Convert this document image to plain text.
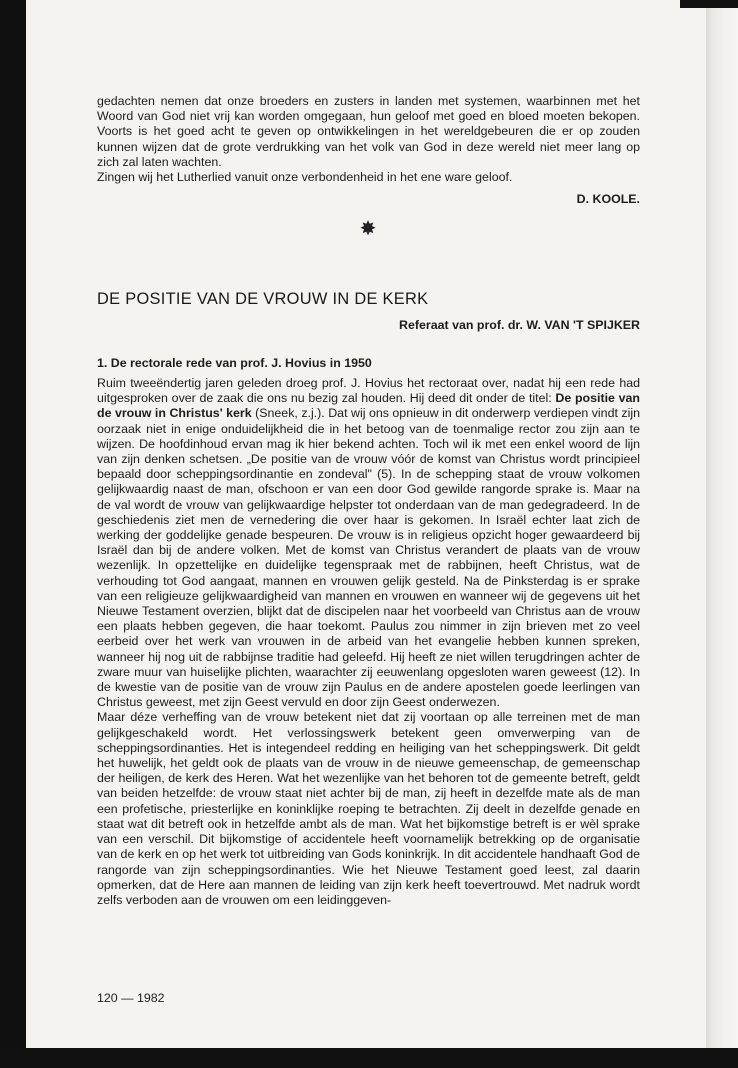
gedachten nemen dat onze broeders en zusters in landen met systemen, waarbinnen met het Woord van God niet vrij kan worden omgegaan, hun geloof met goed en bloed moeten bekopen. Voorts is het goed acht te geven op ontwikkelingen in het wereldgebeuren die er op zouden kunnen wijzen dat de grote verdrukking van het volk van God in deze wereld niet meer lang op zich zal laten wachten.

Zingen wij het Lutherlied vanuit onze verbondenheid in het ene ware geloof.

D. KOOLE.
✸
DE POSITIE VAN DE VROUW IN DE KERK
Referaat van prof. dr. W. VAN 'T SPIJKER
1. De rectorale rede van prof. J. Hovius in 1950

Ruim tweeëndertig jaren geleden droeg prof. J. Hovius het rectoraat over, nadat hij een rede had uitgesproken over de zaak die ons nu bezig zal houden. Hij deed dit onder de titel: De positie van de vrouw in Christus' kerk (Sneek, z.j.). Dat wij ons opnieuw in dit onderwerp verdiepen vindt zijn oorzaak niet in enige onduidelijkheid die in het betoog van de toenmalige rector zou zijn aan te wijzen. De hoofdinhoud ervan mag ik hier bekend achten. Toch wil ik met een enkel woord de lijn van zijn denken schetsen. „De positie van de vrouw vóór de komst van Christus wordt principieel bepaald door scheppingsordinantie en zondeval" (5). In de schepping staat de vrouw volkomen gelijkwaardig naast de man, ofschoon er van een door God gewilde rangorde sprake is. Maar na de val wordt de vrouw van gelijkwaardige helpster tot onderdaan van de man gedegradeerd. In de geschiedenis ziet men de vernedering die over haar is gekomen. In Israël echter laat zich de werking der goddelijke genade bespeuren. De vrouw is in religieus opzicht hoger gewaardeerd bij Israël dan bij de andere volken. Met de komst van Christus verandert de plaats van de vrouw wezenlijk. In opzettelijke en duidelijke tegenspraak met de rabbijnen, heeft Christus, wat de verhouding tot God aangaat, mannen en vrouwen gelijk gesteld. Na de Pinksterdag is er sprake van een religieuze gelijkwaardigheid van mannen en vrouwen en wanneer wij de gegevens uit het Nieuwe Testament overzien, blijkt dat de discipelen naar het voorbeeld van Christus aan de vrouw een plaats hebben gegeven, die haar toekomt. Paulus zou nimmer in zijn brieven met zo veel eerbeid over het werk van vrouwen in de arbeid van het evangelie hebben kunnen spreken, wanneer hij nog uit de rabbijnse traditie had geleefd. Hij heeft ze niet willen terugdringen achter de zware muur van huiselijke plichten, waarachter zij eeuwenlang opgesloten waren geweest (12). In de kwestie van de positie van de vrouw zijn Paulus en de andere apostelen goede leerlingen van Christus geweest, met zijn Geest vervuld en door zijn Geest onderwezen.

Maar déze verheffing van de vrouw betekent niet dat zij voortaan op alle terreinen met de man gelijkgeschakeld wordt. Het verlossingswerk betekent geen omverwerping van de scheppingsordinanties. Het is integendeel redding en heiliging van het scheppingswerk. Dit geldt het huwelijk, het geldt ook de plaats van de vrouw in de nieuwe gemeenschap, de gemeenschap der heiligen, de kerk des Heren. Wat het wezenlijke van het behoren tot de gemeente betreft, geldt van beiden hetzelfde: de vrouw staat niet achter bij de man, zij heeft in dezelfde mate als de man een profetische, priesterlijke en koninklijke roeping te betrachten. Zij deelt in dezelfde genade en staat wat dit betreft ook in hetzelfde ambt als de man. Wat het bijkomstige betreft is er wèl sprake van een verschil. Dit bijkomstige of accidentele heeft voornamelijk betrekking op de organisatie van de kerk en op het werk tot uitbreiding van Gods koninkrijk. In dit accidentele handhaaft God de rangorde van zijn scheppingsordinanties. Wie het Nieuwe Testament goed leest, zal daarin opmerken, dat de Here aan mannen de leiding van zijn kerk heeft toevertrouwd. Met nadruk wordt zelfs verboden aan de vrouwen om een leidinggeven-

120 — 1982
